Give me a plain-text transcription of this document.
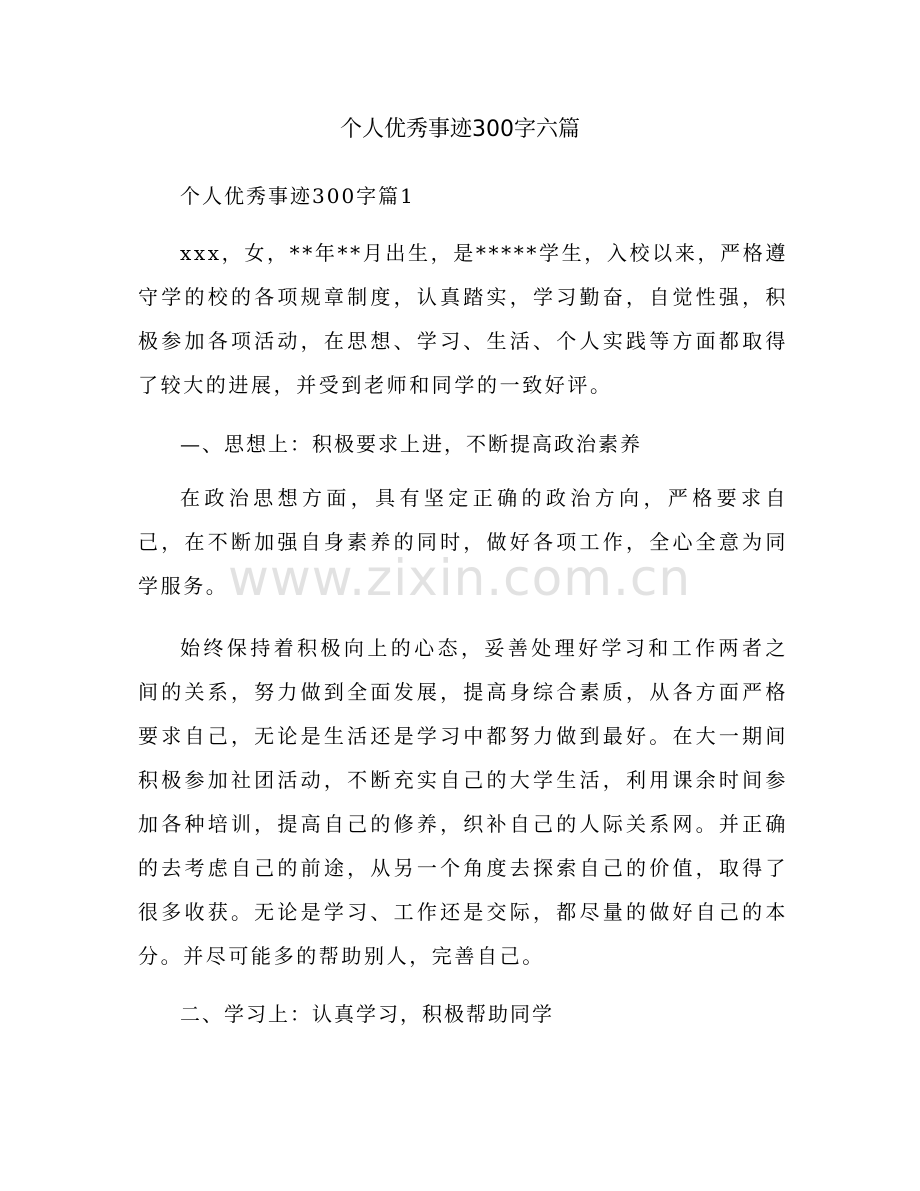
个人优秀事迹300字六篇

个人优秀事迹300字篇1

xxx，女，**年**月出生，是*****学生，入校以来，严格遵守学的校的各项规章制度，认真踏实，学习勤奋，自觉性强，积极参加各项活动，在思想、学习、生活、个人实践等方面都取得了较大的进展，并受到老师和同学的一致好评。

—、思想上：积极要求上进，不断提高政治素养

在政治思想方面，具有坚定正确的政治方向，严格要求自己，在不断加强自身素养的同时，做好各项工作，全心全意为同学服务。

始终保持着积极向上的心态，妥善处理好学习和工作两者之间的关系，努力做到全面发展，提高身综合素质，从各方面严格要求自己，无论是生活还是学习中都努力做到最好。在大一期间积极参加社团活动，不断充实自己的大学生活，利用课余时间参加各种培训，提高自己的修养，织补自己的人际关系网。并正确的去考虑自己的前途，从另一个角度去探索自己的价值，取得了很多收获。无论是学习、工作还是交际，都尽量的做好自己的本分。并尽可能多的帮助别人，完善自己。

二、学习上：认真学习，积极帮助同学

www.zixin.com.cn
